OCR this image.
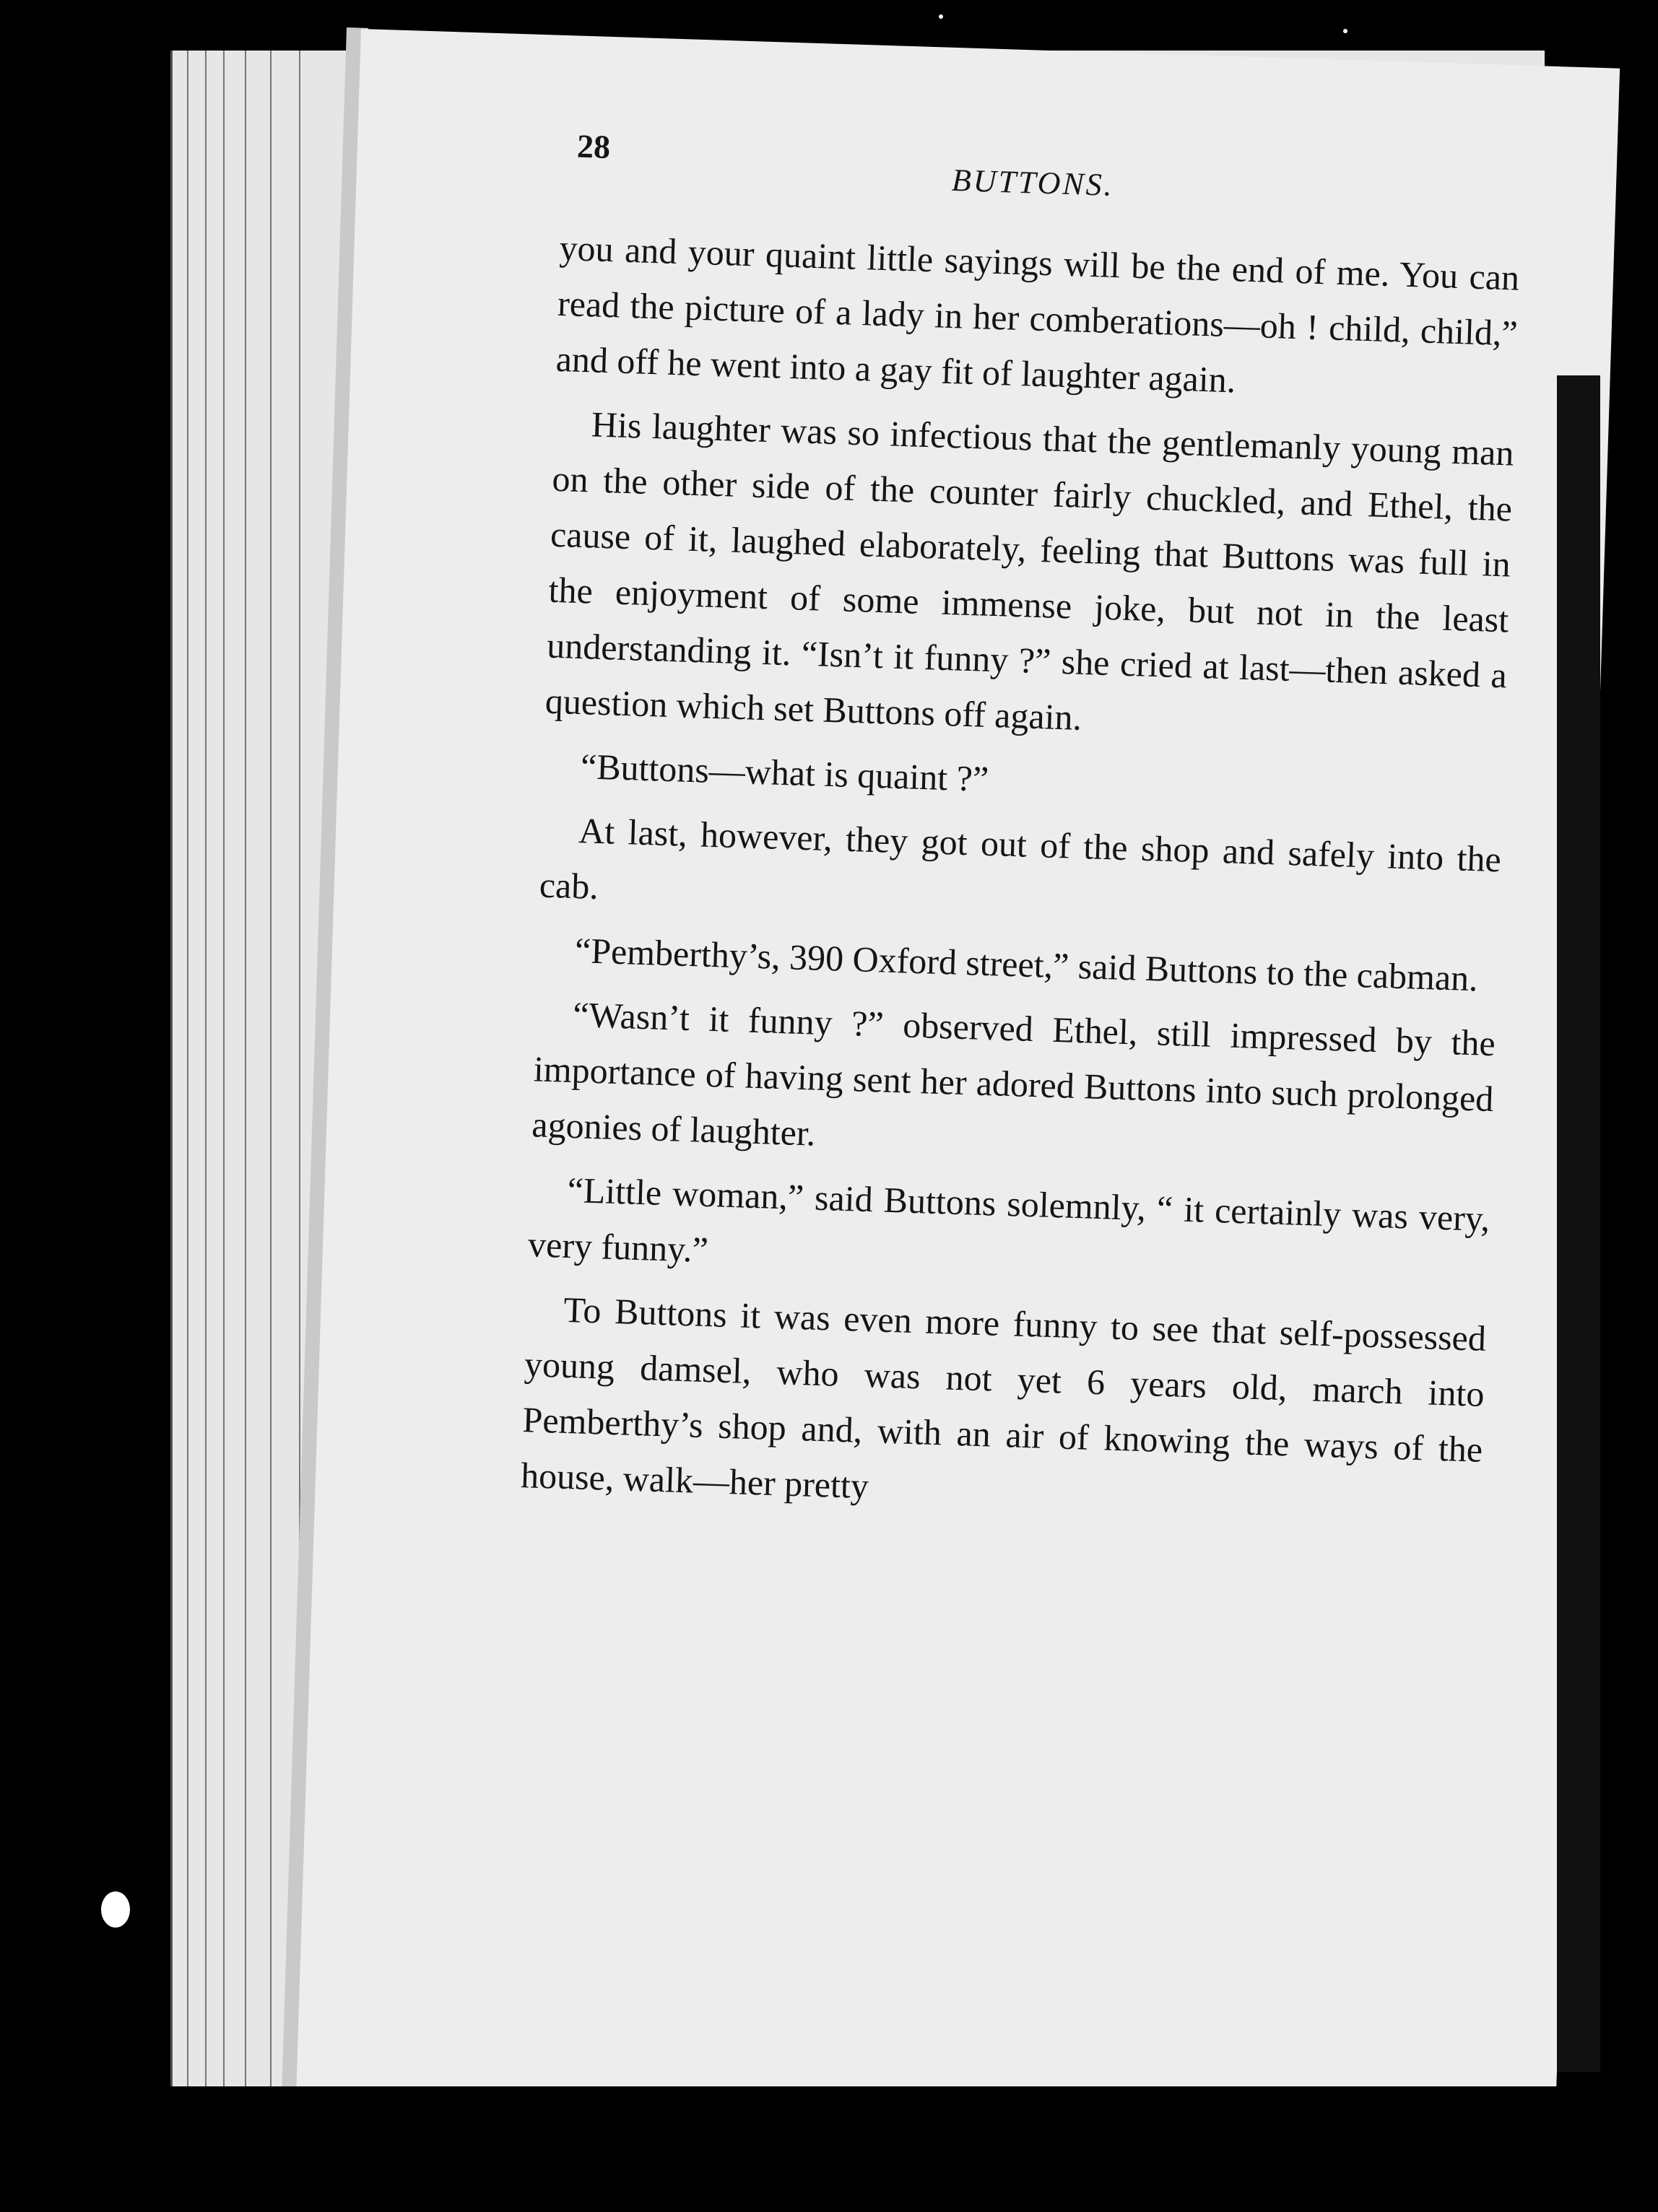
28
BUTTONS.

you and your quaint little sayings will be the end of me. You can read the picture of a lady in her comberations—oh ! child, child,” and off he went into a gay fit of laughter again.

His laughter was so infectious that the gentlemanly young man on the other side of the counter fairly chuckled, and Ethel, the cause of it, laughed elaborately, feeling that Buttons was full in the enjoyment of some immense joke, but not in the least understanding it. “Isn’t it funny ?” she cried at last—then asked a question which set Buttons off again.

“Buttons—what is quaint ?”

At last, however, they got out of the shop and safely into the cab.

“Pemberthy’s, 390 Oxford street,” said Buttons to the cabman.

“Wasn’t it funny ?” observed Ethel, still impressed by the importance of having sent her adored Buttons into such prolonged agonies of laughter.

“Little woman,” said Buttons solemnly, “ it certainly was very, very funny.”

To Buttons it was even more funny to see that self-possessed young damsel, who was not yet 6 years old, march into Pemberthy’s shop and, with an air of knowing the ways of the house, walk—her pretty
